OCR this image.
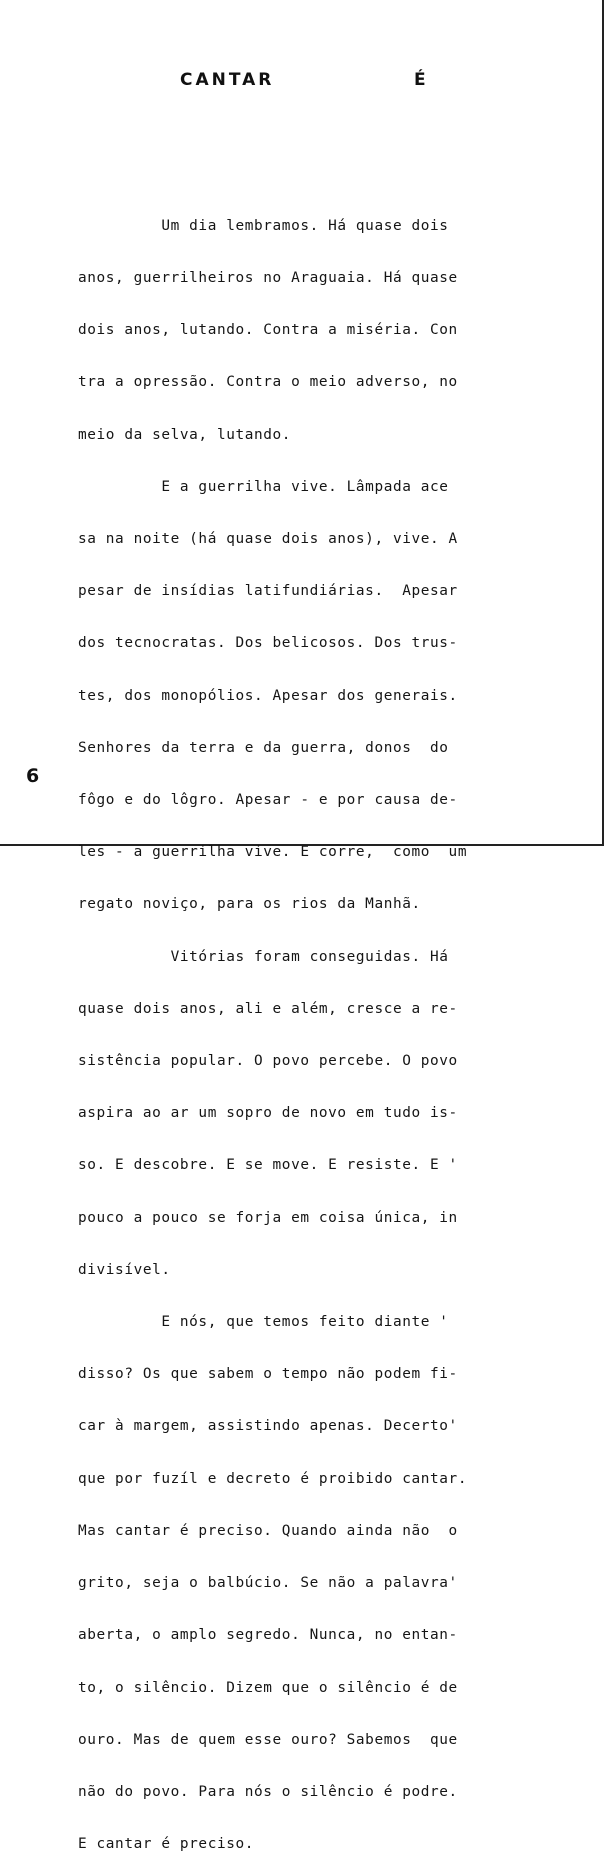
CANTAR	É

Um dia lembramos. Há quase dois

anos, guerrilheiros no Araguaia. Há quase

dois anos, lutando. Contra a miséria. Con

tra a opressão. Contra o meio adverso, no

meio da selva, lutando.

E a guerrilha vive. Lâmpada ace

sa na noite (há quase dois anos), vive. A

pesar de insídias latifundiárias.  Apesar

dos tecnocratas. Dos belicosos. Dos trus-

tes, dos monopólios. Apesar dos generais.

Senhores da terra e da guerra, donos  do

fôgo e do lôgro. Apesar - e por causa de-

les - a guerrilha vive. E corre,  como  um

regato noviço, para os rios da Manhã.

Vitórias foram conseguidas. Há

quase dois anos, ali e além, cresce a re-

sistência popular. O povo percebe. O povo

aspira ao ar um sopro de novo em tudo is-

so. E descobre. E se move. E resiste. E '

pouco a pouco se forja em coisa única, in

divisível.

E nós, que temos feito diante '

disso? Os que sabem o tempo não podem fi-

car à margem, assistindo apenas. Decerto'

que por fuzíl e decreto é proibido cantar.

Mas cantar é preciso. Quando ainda não  o

grito, seja o balbúcio. Se não a palavra'

aberta, o amplo segredo. Nunca, no entan-

to, o silêncio. Dizem que o silêncio é de

ouro. Mas de quem esse ouro? Sabemos  que

não do povo. Para nós o silêncio é podre.

E cantar é preciso.

6
